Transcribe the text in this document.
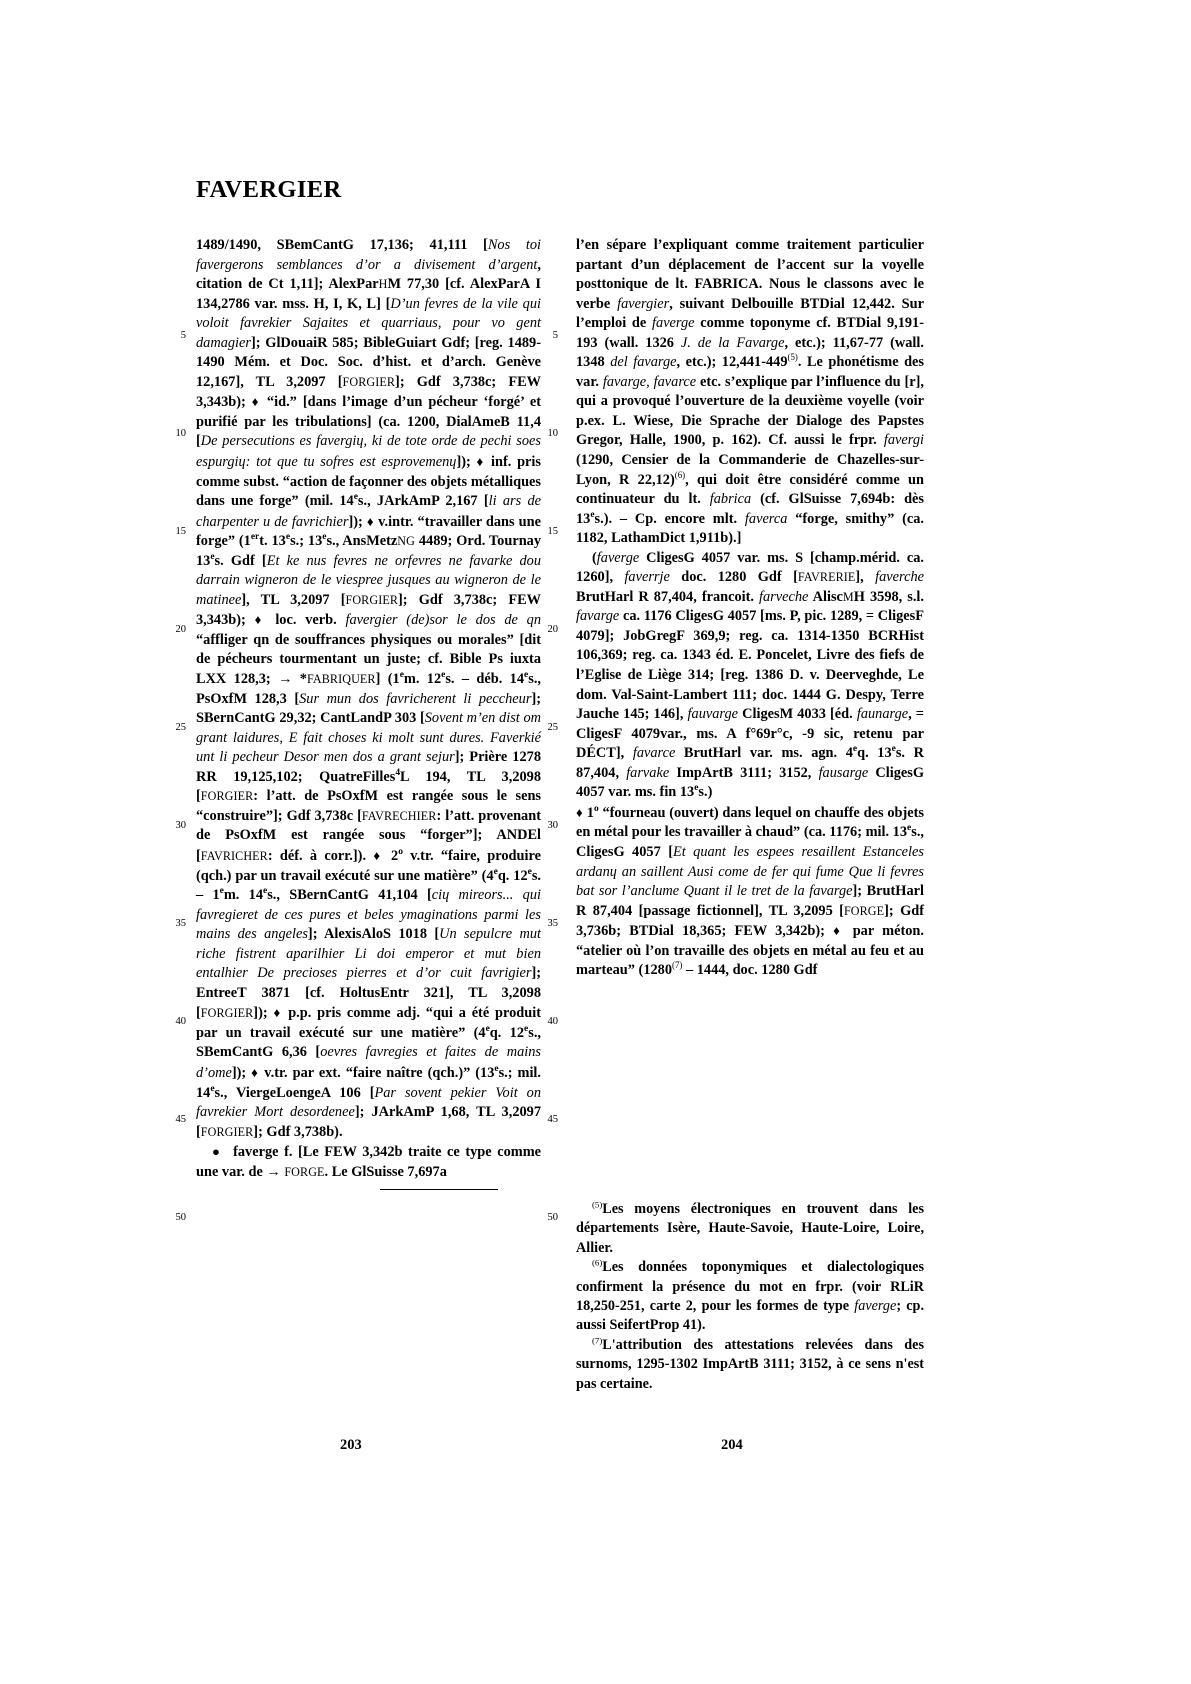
FAVERGIER
5
10
15
20
25
30
35
40
45
50
5
10
15
20
25
30
35
40
45
50

1489/1490, SBemCantG 17,136; 41,111 [Nos toi favergerons semblances d’or a divisement d’argent, citation de Ct 1,11]; AlexParHM 77,30 [cf. AlexParA I 134,2786 var. mss. H, I, K, L] [D’un fevres de la vile qui voloit favrekier Sajaites et quarriaus, pour vo gent damagier]; GlDouaiR 585; BibleGuiart Gdf; [reg. 1489-1490 Mém. et Doc. Soc. d’hist. et d’arch. Genève 12,167], TL 3,2097 [FORGIER]; Gdf 3,738c; FEW 3,343b); ♦ “id.” [dans l’image d’un pécheur ‘forgé’ et purifié par les tribulations] (ca. 1200, DialAmeB 11,4 [De persecutions es favergiɥ, ki de tote orde de pechi soes espurgiɥ: tot que tu sofres est esprovemenɥ]); ♦ inf. pris comme subst. “action de façonner des objets métalliques dans une forge” (mil. 14es., JArkAmP 2,167 [li ars de charpenter u de favrichier]); ♦ v.intr. “travailler dans une forge” (1ert. 13es.; 13es., AnsMetzNG 4489; Ord. Tournay 13es. Gdf [Et ke nus fevres ne orfevres ne favarke dou darrain wigneron de le viespree jusques au wigneron de le matinee], TL 3,2097 [FORGIER]; Gdf 3,738c; FEW 3,343b); ♦ loc. verb. favergier (de)sor le dos de qn “affliger qn de souffrances physiques ou morales” [dit de pécheurs tourmentant un juste; cf. Bible Ps iuxta LXX 128,3; → *FABRIQUER] (1em. 12es. – déb. 14es., PsOxfM 128,3 [Sur mun dos favricherent li peccheur]; SBernCantG 29,32; CantLandP 303 [Sovent m’en dist om grant laidures, E fait choses ki molt sunt dures. Faverkié unt li pecheur Desor men dos a grant sejur]; Prière 1278 RR 19,125,102; QuatreFilles$^4$L 194, TL 3,2098 [FORGIER: l’att. de PsOxfM est rangée sous le sens “construire”]; Gdf 3,738c [FAVRECHIER: l’att. provenant de PsOxfM est rangée sous “forger”]; ANDEl [FAVRICHER: déf. à corr.]). ♦ 2$^o$ v.tr. “faire, produire (qch.) par un travail exécuté sur une matière” (4eq. 12es. – 1em. 14es., SBernCantG 41,104 [ciɥ mireors... qui favregieret de ces pures et beles ymaginations parmi les mains des angeles]; AlexisAloS 1018 [Un sepulcre mut riche fistrent aparilhier Li doi emperor et mut bien entalhier De precioses pierres et d’or cuit favrigier]; EntreeT 3871 [cf. HoltusEntr 321], TL 3,2098 [FORGIER]); ♦ p.p. pris comme adj. “qui a été produit par un travail exécuté sur une matière” (4eq. 12es., SBemCantG 6,36 [oevres favregies et faites de mains d’ome]); ♦ v.tr. par ext. “faire naître (qch.)” (13es.; mil. 14es., ViergeLoengeA 106 [Par sovent pekier Voit on favrekier Mort desordenee]; JArkAmP 1,68, TL 3,2097 [FORGIER]; Gdf 3,738b).

● faverge f. [Le FEW 3,342b traite ce type comme une var. de → FORGE. Le GlSuisse 7,697a

l’en sépare l’expliquant comme traitement particulier partant d’un déplacement de l’accent sur la voyelle posttonique de lt. FABRICA. Nous le classons avec le verbe favergier, suivant Delbouille BTDial 12,442. Sur l’emploi de faverge comme toponyme cf. BTDial 9,191-193 (wall. 1326 J. de la Favarge, etc.); 11,67-77 (wall. 1348 del favarge, etc.); 12,441-449$^{(5)}$. Le phonétisme des var. favarge, favarce etc. s’explique par l’influence du [r], qui a provoqué l’ouverture de la deuxième voyelle (voir p.ex. L. Wiese, Die Sprache der Dialoge des Papstes Gregor, Halle, 1900, p. 162). Cf. aussi le frpr. favergi (1290, Censier de la Commanderie de Chazelles-sur-Lyon, R 22,12)$^{(6)}$, qui doit être considéré comme un continuateur du lt. fabrica (cf. GlSuisse 7,694b: dès 13es.). – Cp. encore mlt. faverca “forge, smithy” (ca. 1182, LathamDict 1,911b).]

(faverge CligesG 4057 var. ms. S [champ.mérid. ca. 1260], faverrje doc. 1280 Gdf [FAVRERIE], faverche BrutHarl R 87,404, francoit. farveche AliscMH 3598, s.l. favarge ca. 1176 CligesG 4057 [ms. P, pic. 1289, = CligesF 4079]; JobGregF 369,9; reg. ca. 1314-1350 BCRHist 106,369; reg. ca. 1343 éd. E. Poncelet, Livre des fiefs de l’Eglise de Liège 314; [reg. 1386 D. v. Deerveghde, Le dom. Val-Saint-Lambert 111; doc. 1444 G. Despy, Terre Jauche 145; 146], fauvarge CligesM 4033 [éd. faunarge, = CligesF 4079var., ms. A f°69r°c, -9 sic, retenu par DÉCT], favarce BrutHarl var. ms. agn. 4eq. 13es. R 87,404, farvake ImpArtB 3111; 3152, fausarge CligesG 4057 var. ms. fin 13es.)

♦ 1$^o$ “fourneau (ouvert) dans lequel on chauffe des objets en métal pour les travailler à chaud” (ca. 1176; mil. 13es., CligesG 4057 [Et quant les espees resaillent Estanceles ardanɥ an saillent Ausi come de fer qui fume Que li fevres bat sor l’anclume Quant il le tret de la favarge]; BrutHarl R 87,404 [passage fictionnel], TL 3,2095 [FORGE]; Gdf 3,736b; BTDial 18,365; FEW 3,342b); ♦ par méton. “atelier où l’on travaille des objets en métal au feu et au marteau” (1280$^{(7)}$ – 1444, doc. 1280 Gdf

$^{(5)}$Les moyens électroniques en trouvent dans les départements Isère, Haute-Savoie, Haute-Loire, Loire, Allier.

$^{(6)}$Les données toponymiques et dialectologiques confirment la présence du mot en frpr. (voir RLiR 18,250-251, carte 2, pour les formes de type faverge; cp. aussi SeifertProp 41).

$^{(7)}$L'attribution des attestations relevées dans des surnoms, 1295-1302 ImpArtB 3111; 3152, à ce sens n'est pas certaine.

203	204
